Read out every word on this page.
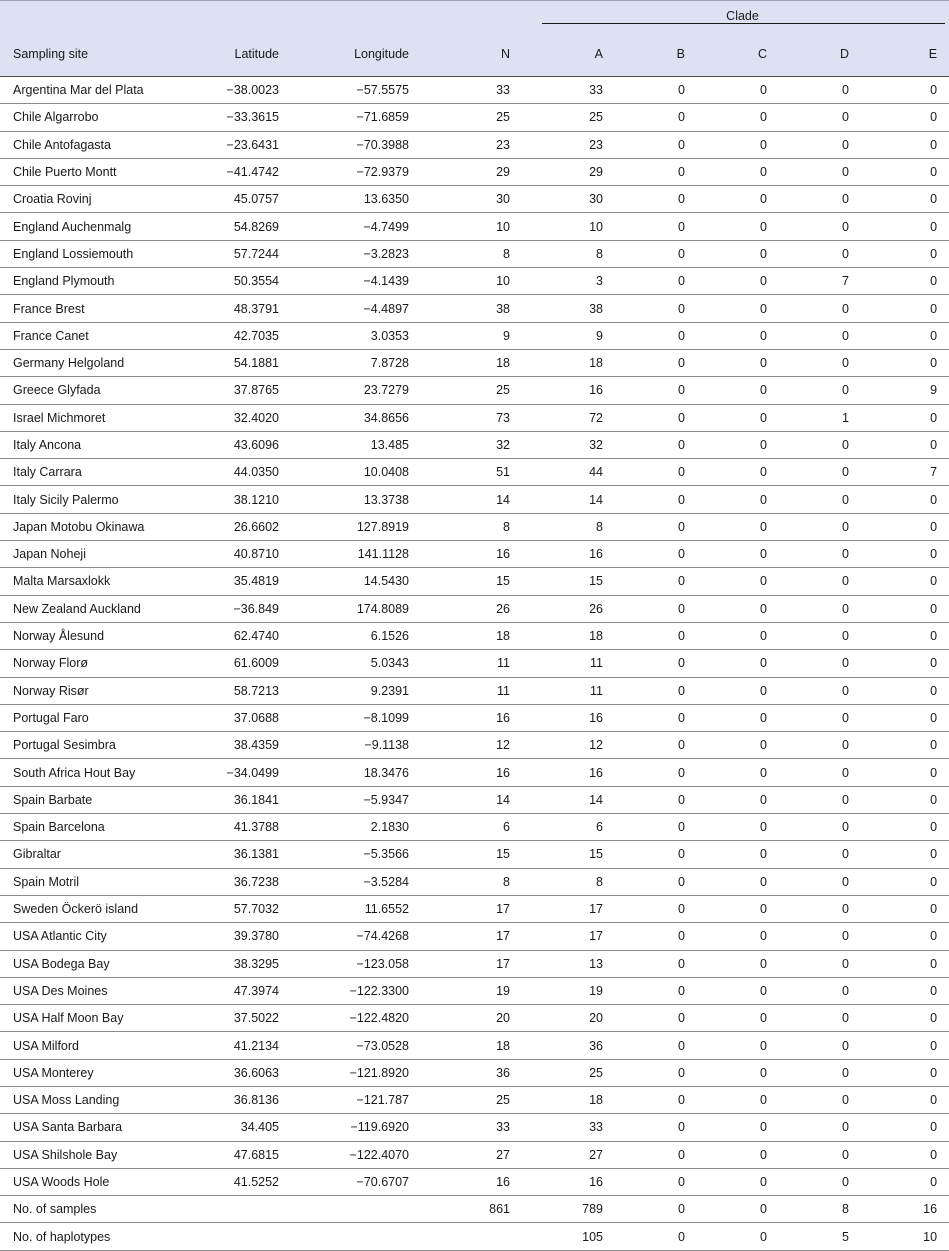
				Clade				

Sampling site	Latitude	Longitude	N	A	B	C	D	E
Argentina Mar del Plata	−38.0023	−57.5575	33	33	0	0	0	0
Chile Algarrobo	−33.3615	−71.6859	25	25	0	0	0	0
Chile Antofagasta	−23.6431	−70.3988	23	23	0	0	0	0
Chile Puerto Montt	−41.4742	−72.9379	29	29	0	0	0	0
Croatia Rovinj	45.0757	13.6350	30	30	0	0	0	0
England Auchenmalg	54.8269	−4.7499	10	10	0	0	0	0
England Lossiemouth	57.7244	−3.2823	8	8	0	0	0	0
England Plymouth	50.3554	−4.1439	10	3	0	0	7	0
France Brest	48.3791	−4.4897	38	38	0	0	0	0
France Canet	42.7035	3.0353	9	9	0	0	0	0
Germany Helgoland	54.1881	7.8728	18	18	0	0	0	0
Greece Glyfada	37.8765	23.7279	25	16	0	0	0	9
Israel Michmoret	32.4020	34.8656	73	72	0	0	1	0
Italy Ancona	43.6096	13.485	32	32	0	0	0	0
Italy Carrara	44.0350	10.0408	51	44	0	0	0	7
Italy Sicily Palermo	38.1210	13.3738	14	14	0	0	0	0
Japan Motobu Okinawa	26.6602	127.8919	8	8	0	0	0	0
Japan Noheji	40.8710	141.1128	16	16	0	0	0	0
Malta Marsaxlokk	35.4819	14.5430	15	15	0	0	0	0
New Zealand Auckland	−36.849	174.8089	26	26	0	0	0	0
Norway Ålesund	62.4740	6.1526	18	18	0	0	0	0
Norway Florø	61.6009	5.0343	11	11	0	0	0	0
Norway Risør	58.7213	9.2391	11	11	0	0	0	0
Portugal Faro	37.0688	−8.1099	16	16	0	0	0	0
Portugal Sesimbra	38.4359	−9.1138	12	12	0	0	0	0
South Africa Hout Bay	−34.0499	18.3476	16	16	0	0	0	0
Spain Barbate	36.1841	−5.9347	14	14	0	0	0	0
Spain Barcelona	41.3788	2.1830	6	6	0	0	0	0
Gibraltar	36.1381	−5.3566	15	15	0	0	0	0
Spain Motril	36.7238	−3.5284	8	8	0	0	0	0
Sweden Öckerö island	57.7032	11.6552	17	17	0	0	0	0
USA Atlantic City	39.3780	−74.4268	17	17	0	0	0	0
USA Bodega Bay	38.3295	−123.058	17	13	0	0	0	0
USA Des Moines	47.3974	−122.3300	19	19	0	0	0	0
USA Half Moon Bay	37.5022	−122.4820	20	20	0	0	0	0
USA Milford	41.2134	−73.0528	18	36	0	0	0	0
USA Monterey	36.6063	−121.8920	36	25	0	0	0	0
USA Moss Landing	36.8136	−121.787	25	18	0	0	0	0
USA Santa Barbara	34.405	−119.6920	33	33	0	0	0	0
USA Shilshole Bay	47.6815	−122.4070	27	27	0	0	0	0
USA Woods Hole	41.5252	−70.6707	16	16	0	0	0	0
No. of samples			861	789	0	0	8	16
No. of haplotypes				105	0	0	5	10
